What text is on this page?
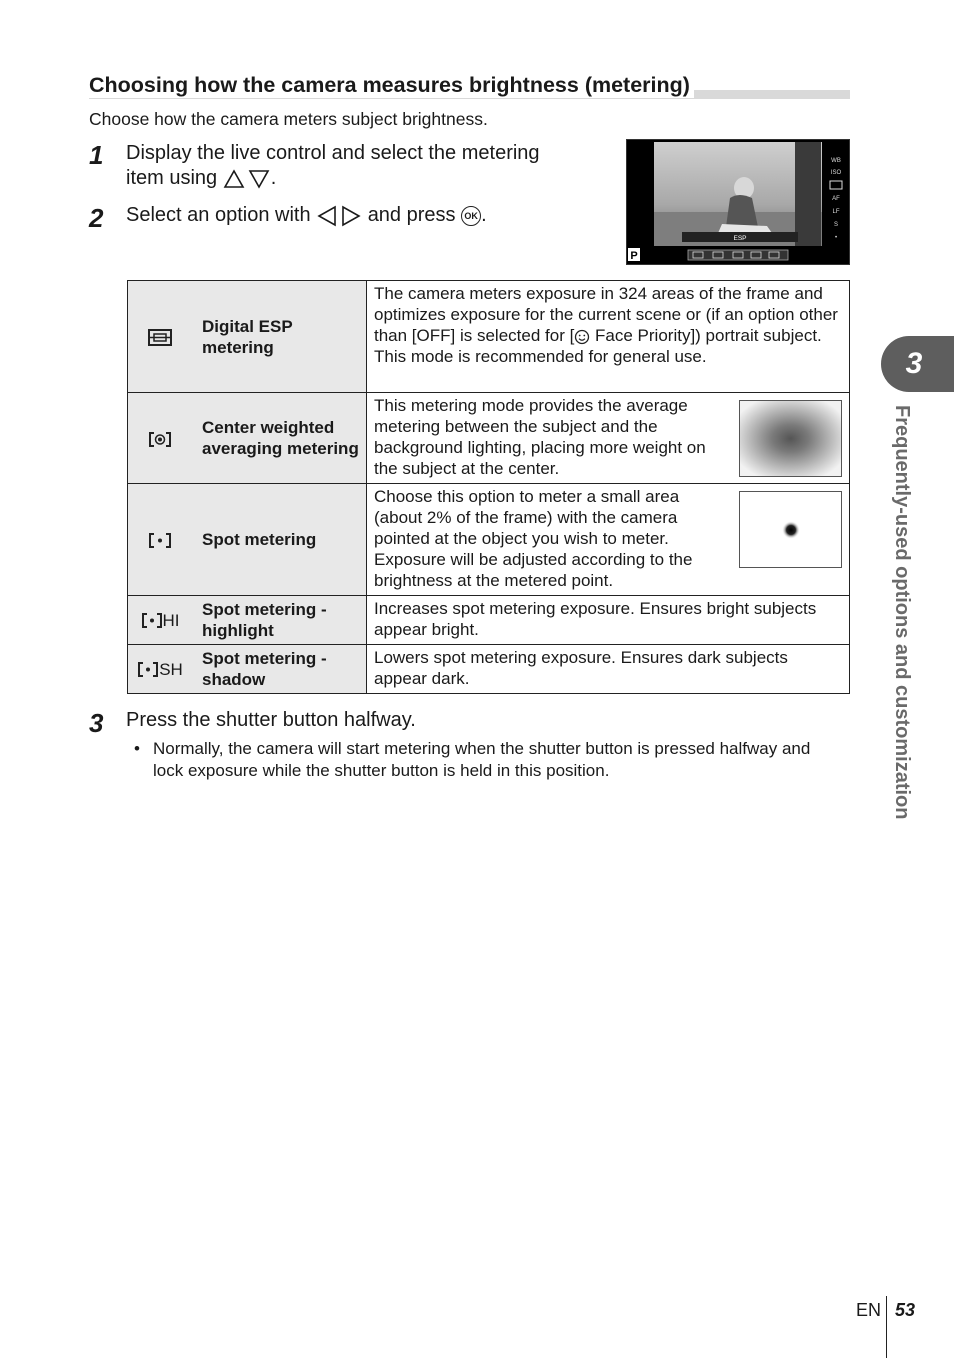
Choosing how the camera measures brightness (metering)
Choose how the camera meters subject brightness.
1	Display the live control and select the metering
item using	.
2	Select an option with	and press OK .
WB
ISO
AF
LF
S
•
ESP
P
	Digital ESP metering	The camera meters exposure in 324 areas of the frame and optimizes exposure for the current scene or (if an option other than [OFF] is selected for [ Face Priority]) portrait subject. This mode is recommended for general use.
	Center weighted averaging metering	This metering mode provides the average metering between the subject and the background lighting, placing more weight on the subject at the center.

	Spot metering	Choose this option to meter a small area (about 2% of the frame) with the camera pointed at the object you wish to meter. Exposure will be adjusted according to the brightness at the metered point.

HI	Spot metering - highlight	Increases spot metering exposure. Ensures bright subjects appear bright.
SH	Spot metering - shadow	Lowers spot metering exposure. Ensures dark subjects appear dark.
3	Press the shutter button halfway.
• Normally, the camera will start metering when the shutter button is pressed halfway and lock exposure while the shutter button is held in this position.
3
Frequently-used options and customization
EN 53
